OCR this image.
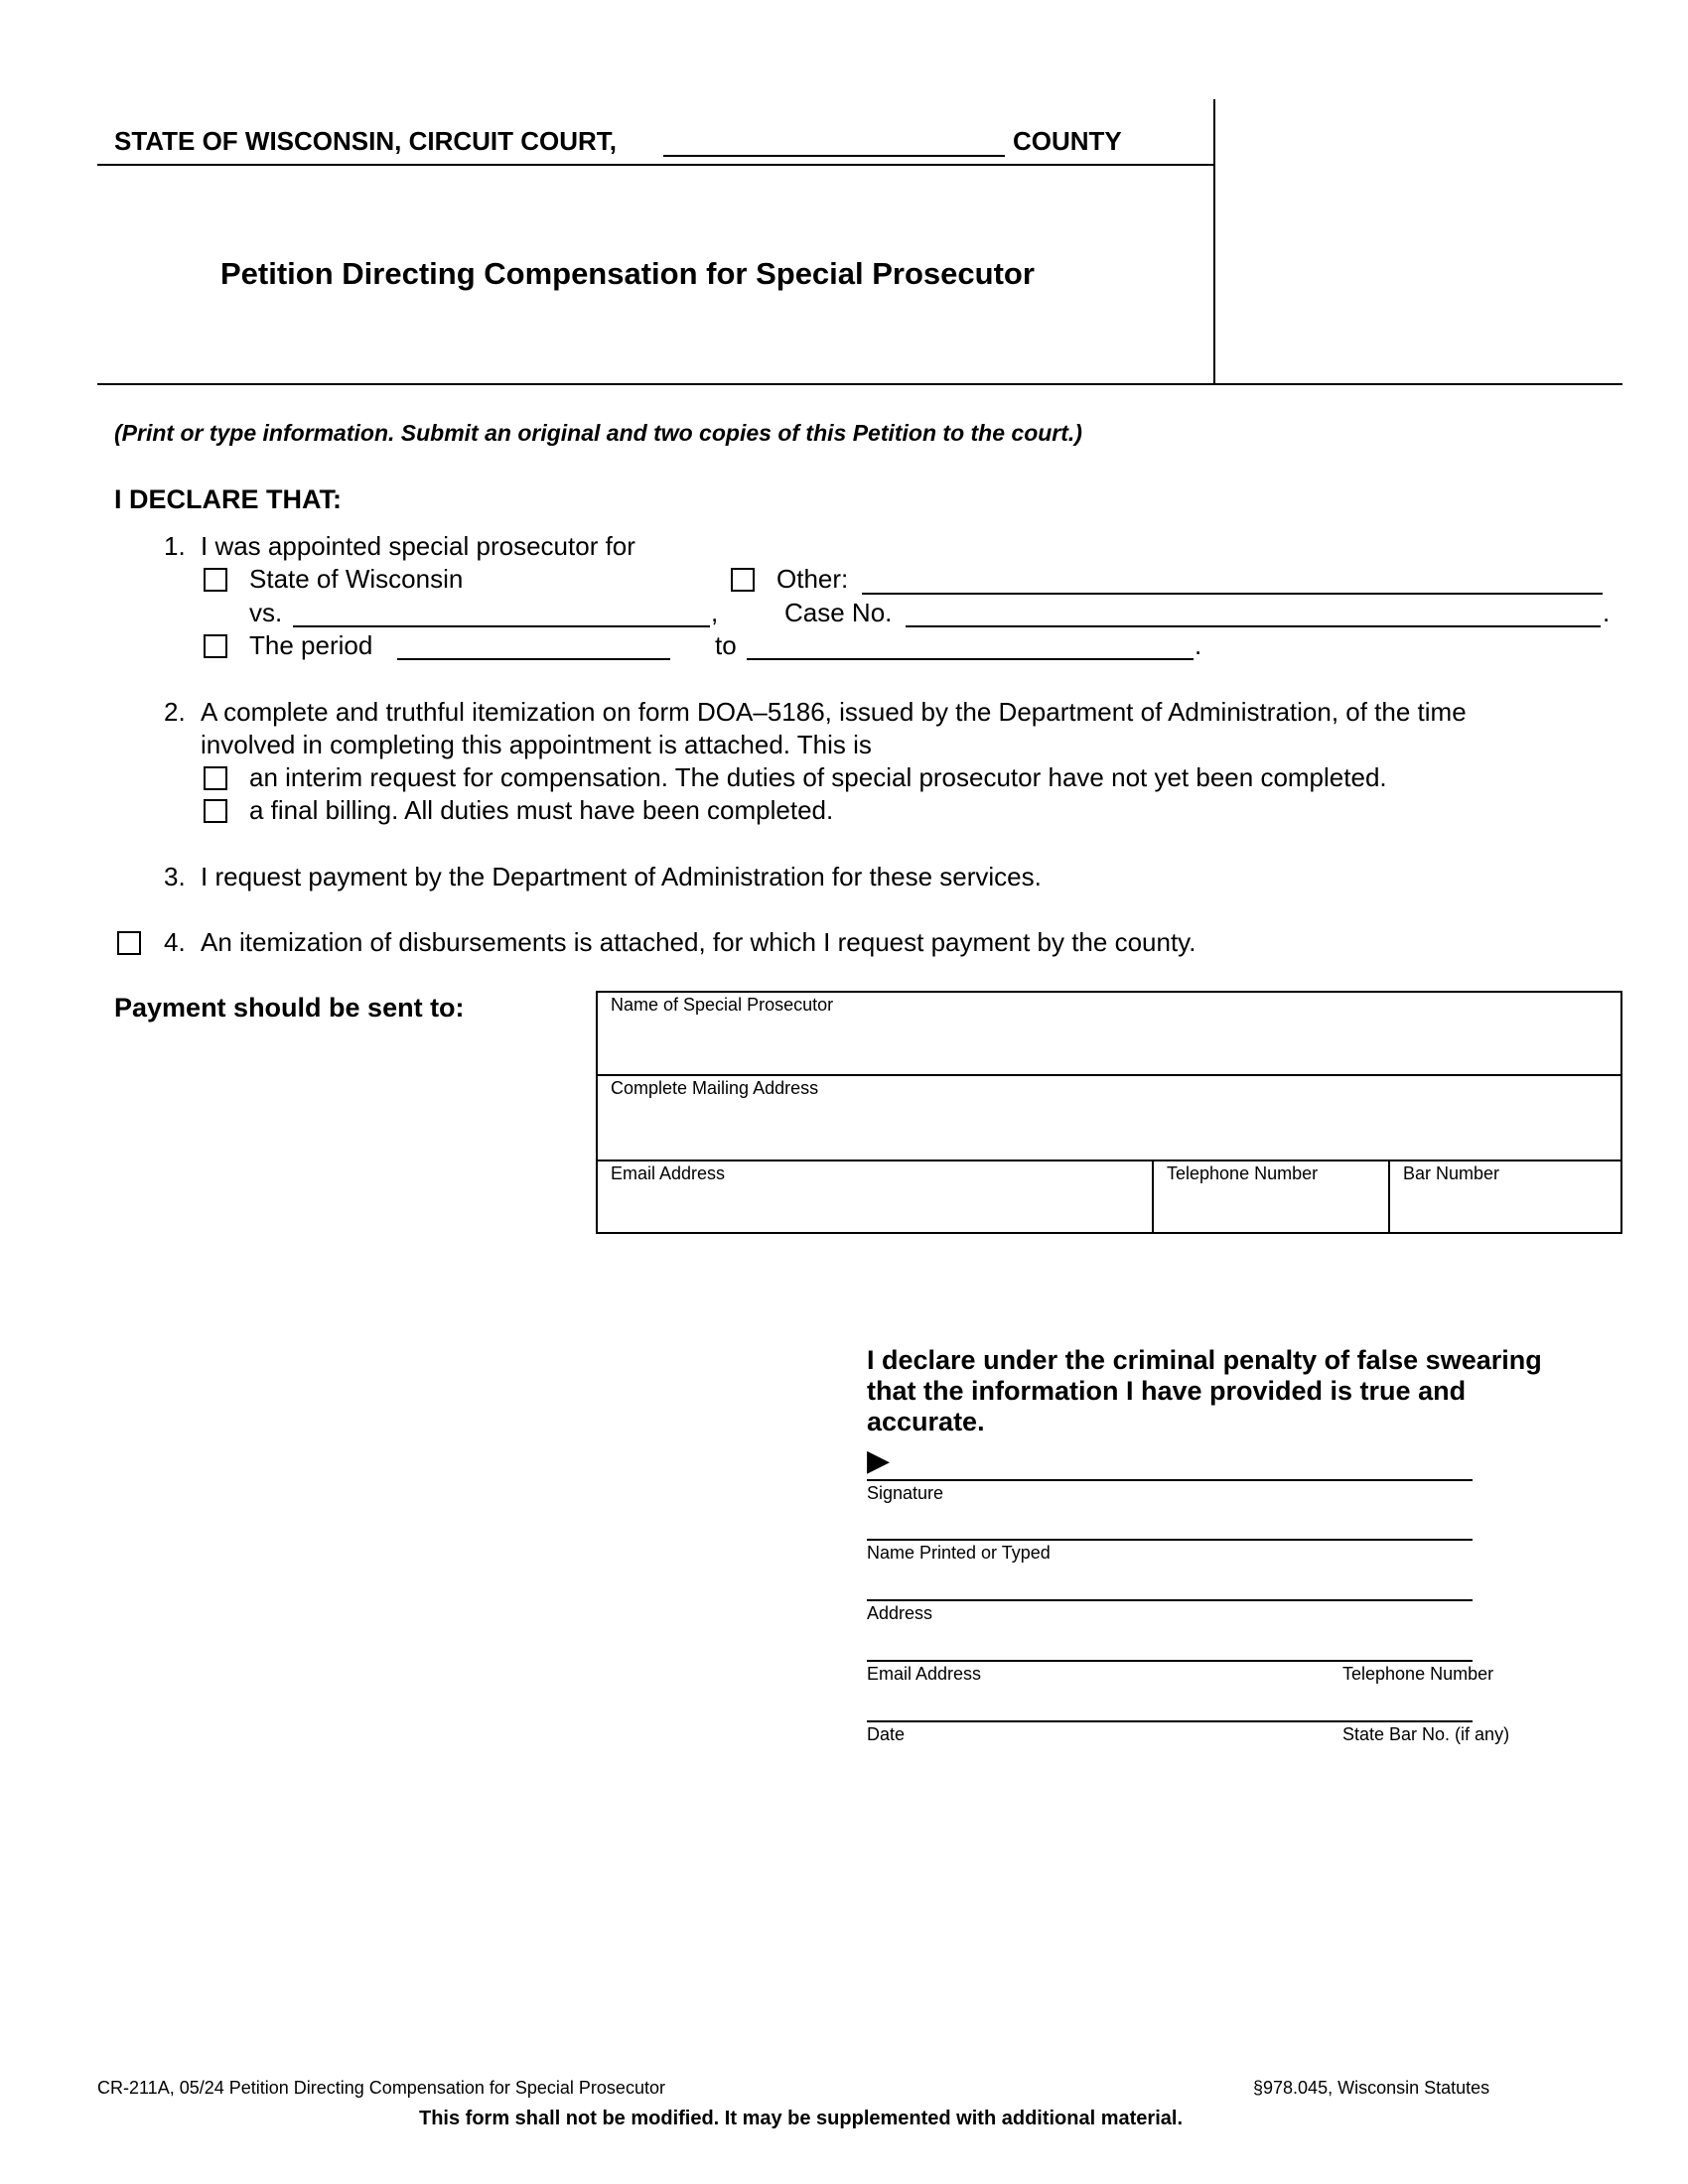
STATE OF WISCONSIN, CIRCUIT COURT,	COUNTY
Petition Directing Compensation for Special Prosecutor
(Print or type information. Submit an original and two copies of this Petition to the court.)
I DECLARE THAT:
1. I was appointed special prosecutor for
State of Wisconsin	Other:
vs.	,	Case No.	.
The period	to	.
2. A complete and truthful itemization on form DOA–5186, issued by the Department of Administration, of the time
involved in completing this appointment is attached. This is
an interim request for compensation. The duties of special prosecutor have not yet been completed.
a final billing. All duties must have been completed.
3. I request payment by the Department of Administration for these services.
4. An itemization of disbursements is attached, for which I request payment by the county.
Payment should be sent to:	Name of Special Prosecutor
Complete Mailing Address
Email Address	Telephone Number	Bar Number
I declare under the criminal penalty of false swearing
that the information I have provided is true and
accurate.
▶
Signature
Name Printed or Typed
Address
Email Address	Telephone Number
Date	State Bar No. (if any)
CR-211A, 05/24 Petition Directing Compensation for Special Prosecutor	§978.045, Wisconsin Statutes
This form shall not be modified. It may be supplemented with additional material.
